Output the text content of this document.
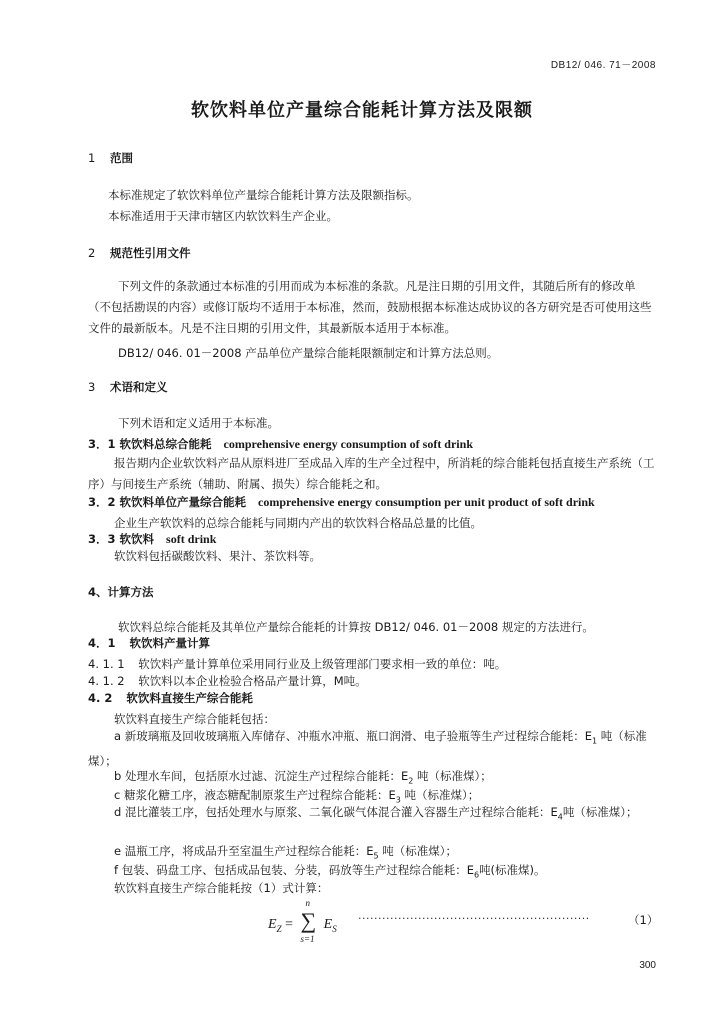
DB12/ 046. 71－2008
软饮料单位产量综合能耗计算方法及限额
1 范围
本标准规定了软饮料单位产量综合能耗计算方法及限额指标。
本标准适用于天津市辖区内软饮料生产企业。
2 规范性引用文件
下列文件的条款通过本标准的引用而成为本标准的条款。凡是注日期的引用文件，其随后所有的修改单（不包括勘误的内容）或修订版均不适用于本标准，然而，鼓励根据本标准达成协议的各方研究是否可使用这些文件的最新版本。凡是不注日期的引用文件，其最新版本适用于本标准。
DB12/ 046. 01－2008 产品单位产量综合能耗限额制定和计算方法总则。
3 术语和定义
下列术语和定义适用于本标准。
3．1 软饮料总综合能耗 comprehensive energy consumption of soft drink
报告期内企业软饮料产品从原料进厂至成品入库的生产全过程中，所消耗的综合能耗包括直接生产系统（工序）与间接生产系统（辅助、附属、损失）综合能耗之和。
3．2 软饮料单位产量综合能耗 comprehensive energy consumption per unit product of soft drink
企业生产软饮料的总综合能耗与同期内产出的软饮料合格品总量的比值。
3．3 软饮料 soft drink
软饮料包括碳酸饮料、果汁、茶饮料等。
4、计算方法
软饮料总综合能耗及其单位产量综合能耗的计算按 DB12/ 046. 01－2008 规定的方法进行。
4．1 软饮料产量计算
4. 1. 1 软饮料产量计算单位采用同行业及上级管理部门要求相一致的单位：吨。
4. 1. 2 软饮料以本企业检验合格品产量计算，M吨。
4. 2 软饮料直接生产综合能耗
软饮料直接生产综合能耗包括：
a 新玻璃瓶及回收玻璃瓶入库储存、冲瓶水冲瓶、瓶口润滑、电子验瓶等生产过程综合能耗：$E_1$ 吨（标准煤）；
b 处理水车间，包括原水过滤、沉淀生产过程综合能耗：$E_2$ 吨（标准煤）；
c 糖浆化糖工序，液态糖配制原浆生产过程综合能耗：$E_3$ 吨（标准煤）；
d 混比灌装工序，包括处理水与原浆、二氧化碳气体混合灌入容器生产过程综合能耗：$E_4$吨（标准煤）；
e 温瓶工序，将成品升至室温生产过程综合能耗：$E_5$ 吨（标准煤）；
f 包装、码盘工序、包括成品包装、分装，码放等生产过程综合能耗：$E_6$吨(标准煤)。
软饮料直接生产综合能耗按（1）式计算：
$E_Z$ =
n
∑
s=1
$E_S$
··························································	（1）
300
